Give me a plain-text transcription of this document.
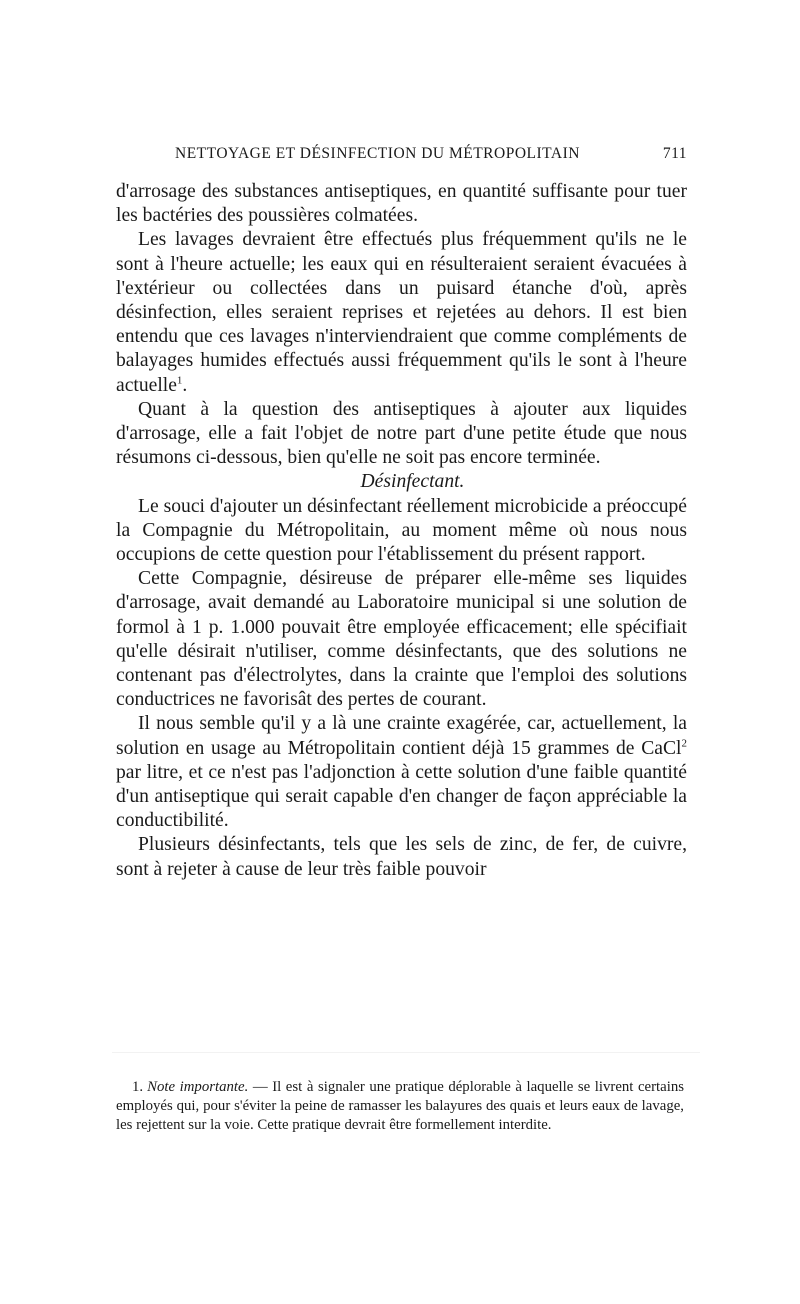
NETTOYAGE ET DÉSINFECTION DU MÉTROPOLITAIN	711

d'arrosage des substances antiseptiques, en quantité suffisante pour tuer les bactéries des poussières colmatées.

Les lavages devraient être effectués plus fréquemment qu'ils ne le sont à l'heure actuelle; les eaux qui en résulteraient seraient évacuées à l'extérieur ou collectées dans un puisard étanche d'où, après désinfection, elles seraient reprises et rejetées au dehors. Il est bien entendu que ces lavages n'interviendraient que comme compléments de balayages humides effectués aussi fréquemment qu'ils le sont à l'heure actuelle$^1$.

Quant à la question des antiseptiques à ajouter aux liquides d'arrosage, elle a fait l'objet de notre part d'une petite étude que nous résumons ci-dessous, bien qu'elle ne soit pas encore terminée.

Désinfectant.

Le souci d'ajouter un désinfectant réellement microbicide a préoccupé la Compagnie du Métropolitain, au moment même où nous nous occupions de cette question pour l'établissement du présent rapport.

Cette Compagnie, désireuse de préparer elle-même ses liquides d'arrosage, avait demandé au Laboratoire municipal si une solution de formol à 1 p. 1.000 pouvait être employée efficacement; elle spécifiait qu'elle désirait n'utiliser, comme désinfectants, que des solutions ne contenant pas d'électrolytes, dans la crainte que l'emploi des solutions conductrices ne favorisât des pertes de courant.

Il nous semble qu'il y a là une crainte exagérée, car, actuellement, la solution en usage au Métropolitain contient déjà 15 grammes de CaCl$^2$ par litre, et ce n'est pas l'adjonction à cette solution d'une faible quantité d'un antiseptique qui serait capable d'en changer de façon appréciable la conductibilité.

Plusieurs désinfectants, tels que les sels de zinc, de fer, de cuivre, sont à rejeter à cause de leur très faible pouvoir

1. Note importante. — Il est à signaler une pratique déplorable à laquelle se livrent certains employés qui, pour s'éviter la peine de ramasser les balayures des quais et leurs eaux de lavage, les rejettent sur la voie. Cette pratique devrait être formellement interdite.
